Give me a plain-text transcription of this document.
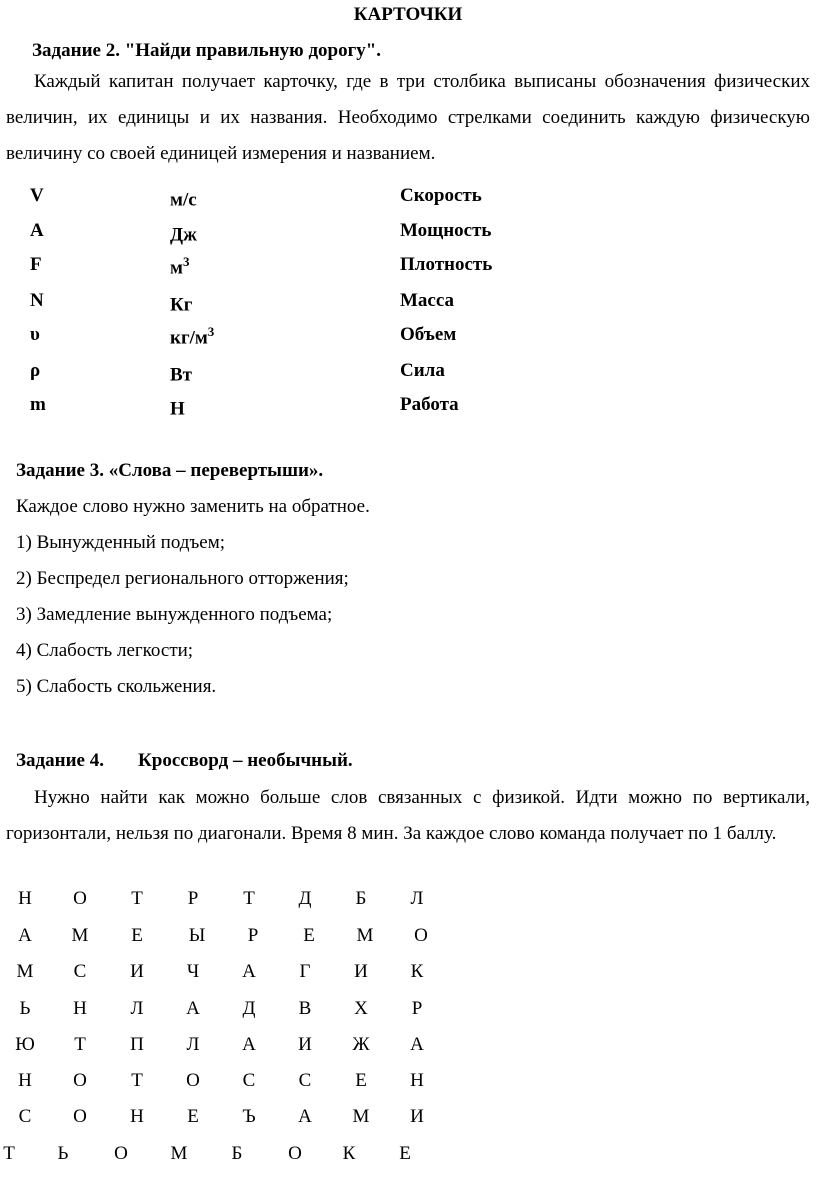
КАРТОЧКИ
Задание 2. "Найди правильную дорогу".
Каждый капитан получает карточку, где в три столбика выписаны обозначения физических величин, их единицы и их названия. Необходимо стрелками соединить каждую физическую величину со своей единицей измерения и названием.
V	м/с	Скорость
A	Дж	Мощность
F	$м^3$	Плотность
N	Кг	Масса
υ	$кг/м^3$	Объем
ρ	Вт	Сила
m	Н	Работа
Задание 3. «Слова – перевертыши».
Каждое слово нужно заменить на обратное.
1) Вынужденный подъем;
2) Беспредел регионального отторжения;
3) Замедление вынужденного подъема;
4) Слабость легкости;
5) Слабость скольжения.
Задание 4. Кроссворд – необычный.
Нужно найти как можно больше слов связанных с физикой. Идти можно по вертикали, горизонтали, нельзя по диагонали. Время 8 мин. За каждое слово команда получает по 1 баллу.
Н	О	Т	Р	Т	Д	Б	Л
А	М	Е	Ы	Р	Е	М	О
М	С	И	Ч	А	Г	И	К
Ь	Н	Л	А	Д	В	Х	Р
Ю	Т	П	Л	А	И	Ж	А
Н	О	Т	О	С	С	Е	Н
С	О	Н	Е	Ъ	А	М	И
Т	Ь	О	М	Б	О	К	Е
